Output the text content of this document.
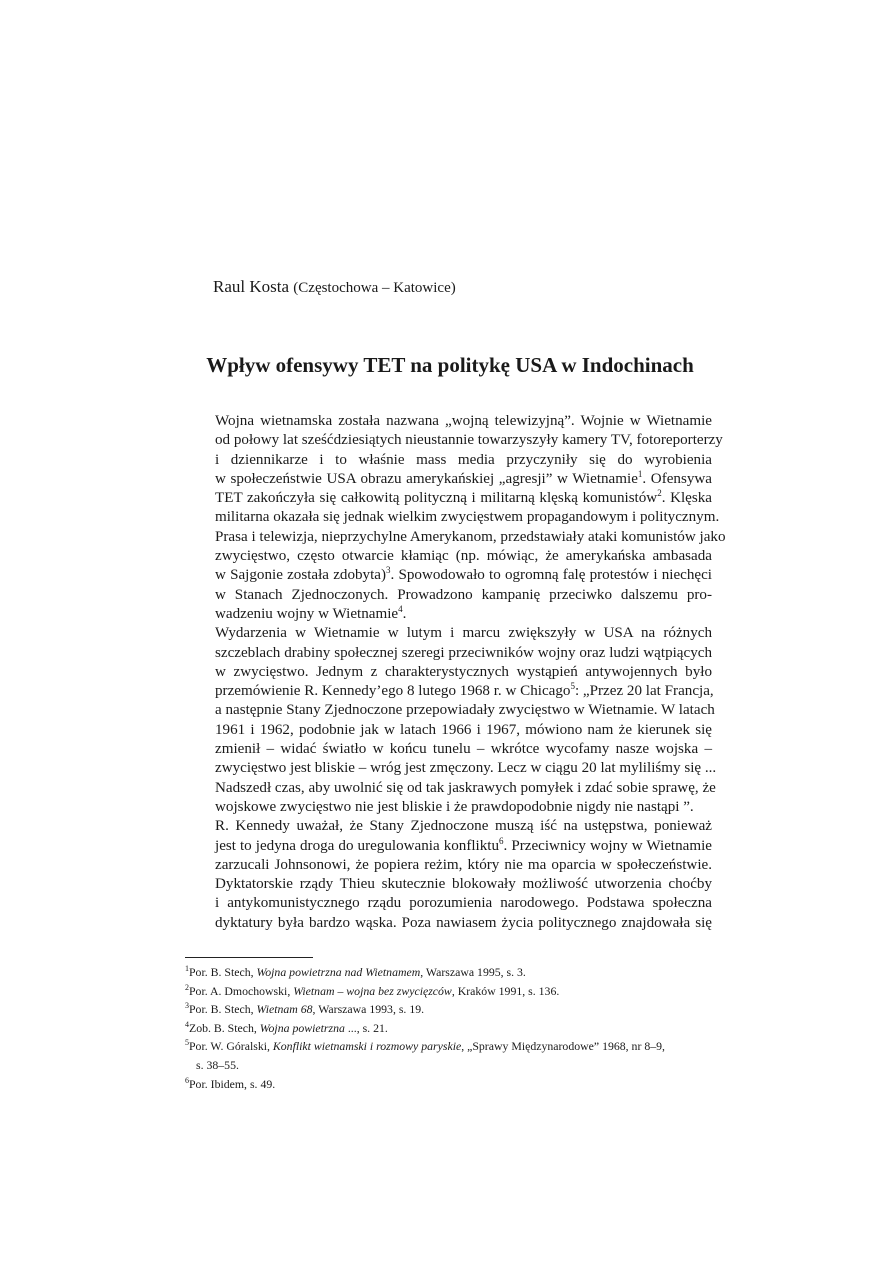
Raul Kosta (Częstochowa – Katowice)
Wpływ ofensywy TET na politykę USA w Indochinach

Wojna wietnamska została nazwana „wojną telewizyjną”. Wojnie w Wietnamie
od połowy lat sześćdziesiątych nieustannie towarzyszyły kamery TV, fotoreporterzy
i dziennikarze i to właśnie mass media przyczyniły się do wyrobienia
w społeczeństwie USA obrazu amerykańskiej „agresji” w Wietnamie$^1$. Ofensywa
TET zakończyła się całkowitą polityczną i militarną klęską komunistów$^2$. Klęska
militarna okazała się jednak wielkim zwycięstwem propagandowym i politycznym.
Prasa i telewizja, nieprzychylne Amerykanom, przedstawiały ataki komunistów jako
zwycięstwo, często otwarcie kłamiąc (np. mówiąc, że amerykańska ambasada
w Sajgonie została zdobyta)$^3$. Spowodowało to ogromną falę protestów i niechęci
w Stanach Zjednoczonych. Prowadzono kampanię przeciwko dalszemu pro-
wadzeniu wojny w Wietnamie$^4$.

Wydarzenia w Wietnamie w lutym i marcu zwiększyły w USA na różnych
szczeblach drabiny społecznej szeregi przeciwników wojny oraz ludzi wątpiących
w zwycięstwo. Jednym z charakterystycznych wystąpień antywojennych było
przemówienie R. Kennedy’ego 8 lutego 1968 r. w Chicago$^5$: „Przez 20 lat Francja,
a następnie Stany Zjednoczone przepowiadały zwycięstwo w Wietnamie. W latach
1961 i 1962, podobnie jak w latach 1966 i 1967, mówiono nam że kierunek się
zmienił – widać światło w końcu tunelu – wkrótce wycofamy nasze wojska –
zwycięstwo jest bliskie – wróg jest zmęczony. Lecz w ciągu 20 lat myliliśmy się ...
Nadszedł czas, aby uwolnić się od tak jaskrawych pomyłek i zdać sobie sprawę, że
wojskowe zwycięstwo nie jest bliskie i że prawdopodobnie nigdy nie nastąpi ”.

R. Kennedy uważał, że Stany Zjednoczone muszą iść na ustępstwa, ponieważ
jest to jedyna droga do uregulowania konfliktu$^6$. Przeciwnicy wojny w Wietnamie
zarzucali Johnsonowi, że popiera reżim, który nie ma oparcia w społeczeństwie.
Dyktatorskie rządy Thieu skutecznie blokowały możliwość utworzenia choćby
i antykomunistycznego rządu porozumienia narodowego. Podstawa społeczna
dyktatury była bardzo wąska. Poza nawiasem życia politycznego znajdowała się

$^1$Por. B. Stech, Wojna powietrzna nad Wietnamem, Warszawa 1995, s. 3.
$^2$Por. A. Dmochowski, Wietnam – wojna bez zwycięzców, Kraków 1991, s. 136.
$^3$Por. B. Stech, Wietnam 68, Warszawa 1993, s. 19.
$^4$Zob. B. Stech, Wojna powietrzna ..., s. 21.
$^5$Por. W. Góralski, Konflikt wietnamski i rozmowy paryskie, „Sprawy Międzynarodowe” 1968, nr 8–9,
s. 38–55.
$^6$Por. Ibidem, s. 49.
